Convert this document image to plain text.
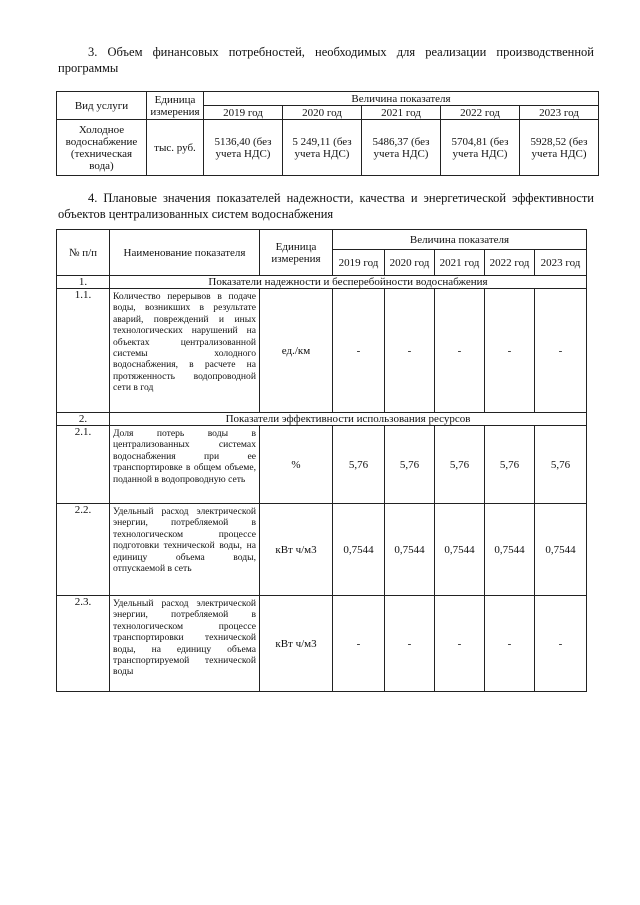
3. Объем финансовых потребностей, необходимых для реализации производственной
программы
Вид услуги	Единица измерения	Величина показателя				
		2019 год	2020 год	2021 год	2022 год	2023 год
Холодное водоснабжение (техническая вода)	тыс. руб.	5136,40 (без учета НДС)	5 249,11 (без учета НДС)	5486,37 (без учета НДС)	5704,81 (без учета НДС)	5928,52 (без учета НДС)
4. Плановые значения показателей надежности, качества и энергетической эффективности
объектов централизованных систем водоснабжения
№ п/п	Наименование показателя	Единица измерения	Величина показателя				
			2019 год	2020 год	2021 год	2022 год	2023 год
1.	Показатели надежности и бесперебойности водоснабжения						
1.1.	Количество перерывов в подаче воды, возникших в результате аварий, повреждений и иных технологических нарушений на объектах централизованной системы холодного водоснабжения, в расчете на протяженность водопроводной сети в год	ед./км	-	-	-	-	-
2.	Показатели эффективности использования ресурсов						
2.1.	Доля потерь воды в централизованных системах водоснабжения при ее транспортировке в общем объеме, поданной в водопроводную сеть	%	5,76	5,76	5,76	5,76	5,76
2.2.	Удельный расход электрической энергии, потребляемой в технологическом процессе подготовки технической воды, на единицу объема воды, отпускаемой в сеть	кВт ч/м3	0,7544	0,7544	0,7544	0,7544	0,7544
2.3.	Удельный расход электрической энергии, потребляемой в технологическом процессе транспортировки технической воды, на единицу объема транспортируемой технической воды	кВт ч/м3	-	-	-	-	-
